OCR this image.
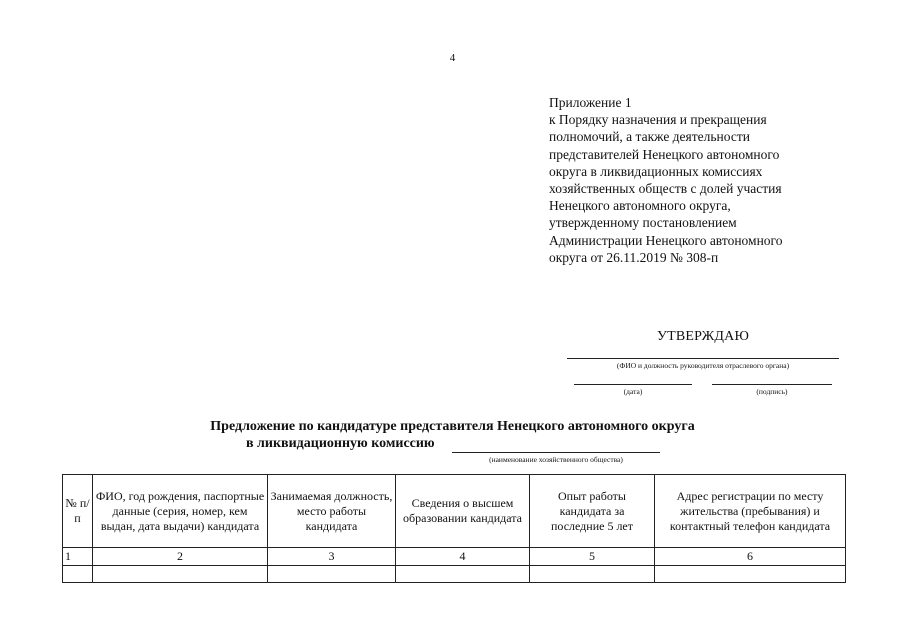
4
Приложение 1
к Порядку назначения и прекращения
полномочий, а также деятельности
представителей Ненецкого автономного
округа в ликвидационных комиссиях
хозяйственных обществ с долей участия
Ненецкого автономного округа,
утвержденному постановлением
Администрации Ненецкого автономного
округа от 26.11.2019 № 308-п
УТВЕРЖДАЮ
(ФИО и должность руководителя отраслевого органа)
(дата)	(подпись)
Предложение по кандидатуре представителя Ненецкого автономного округа
в ликвидационную комиссию
(наименование хозяйственного общества)
№ п/п	ФИО, год рождения, паспортные данные (серия, номер, кем выдан, дата выдачи) кандидата	Занимаемая должность, место работы кандидата	Сведения о высшем образовании кандидата	Опыт работы кандидата за последние 5 лет	Адрес регистрации по месту жительства (пребывания) и контактный телефон кандидата
1	2	3	4	5	6
